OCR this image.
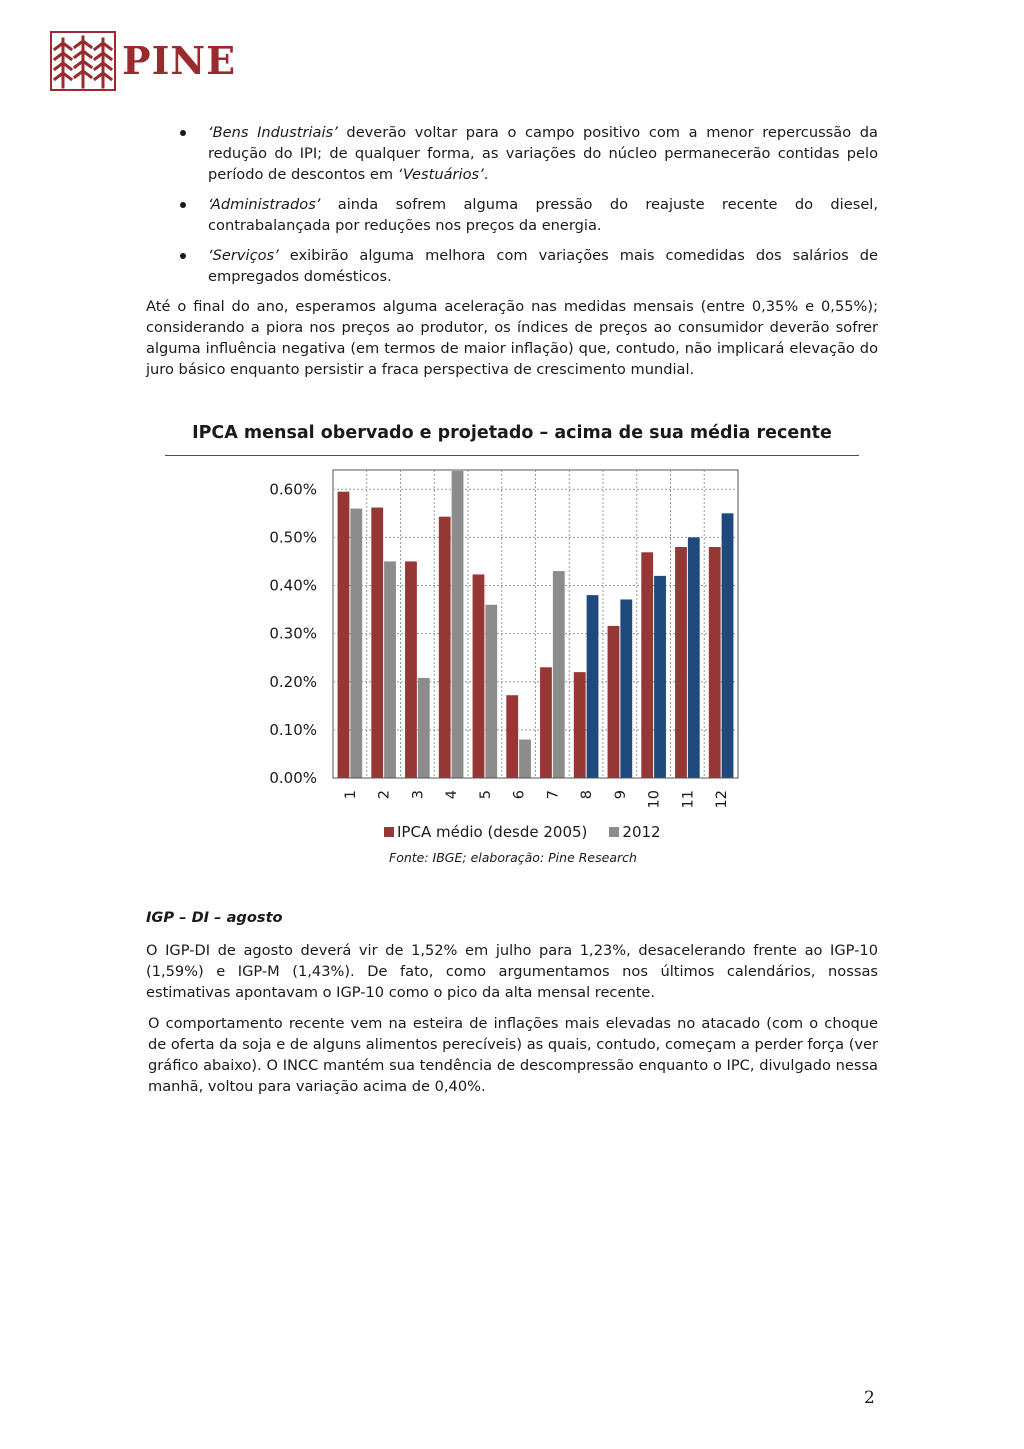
PINE
‘Bens Industriais’ deverão voltar para o campo positivo com a menor repercussão da redução do IPI; de qualquer forma, as variações do núcleo permanecerão contidas pelo período de descontos em ‘Vestuários’.
‘Administrados’ ainda sofrem alguma pressão do reajuste recente do diesel, contrabalançada por reduções nos preços da energia.
‘Serviços’ exibirão alguma melhora com variações mais comedidas dos salários de empregados domésticos.

Até o final do ano, esperamos alguma aceleração nas medidas mensais (entre 0,35% e 0,55%); considerando a piora nos preços ao produtor, os índices de preços ao consumidor deverão sofrer alguma influência negativa (em termos de maior inflação) que, contudo, não implicará elevação do juro básico enquanto persistir a fraca perspectiva de crescimento mundial.

IPCA mensal obervado e projetado – acima de sua média recente
0.00%
0.10%
0.20%
0.30%
0.40%
0.50%
0.60%
1 2 3 4 5 6 7 8 9 10 11 12
IPCA médio (desde 2005) 2012
Fonte: IBGE; elaboração: Pine Research
IGP – DI – agosto

O IGP-DI de agosto deverá vir de 1,52% em julho para 1,23%, desacelerando frente ao IGP-10 (1,59%) e IGP-M (1,43%). De fato, como argumentamos nos últimos calendários, nossas estimativas apontavam o IGP-10 como o pico da alta mensal recente.

O comportamento recente vem na esteira de inflações mais elevadas no atacado (com o choque de oferta da soja e de alguns alimentos perecíveis) as quais, contudo, começam a perder força (ver gráfico abaixo). O INCC mantém sua tendência de descompressão enquanto o IPC, divulgado nessa manhã, voltou para variação acima de 0,40%.

2
